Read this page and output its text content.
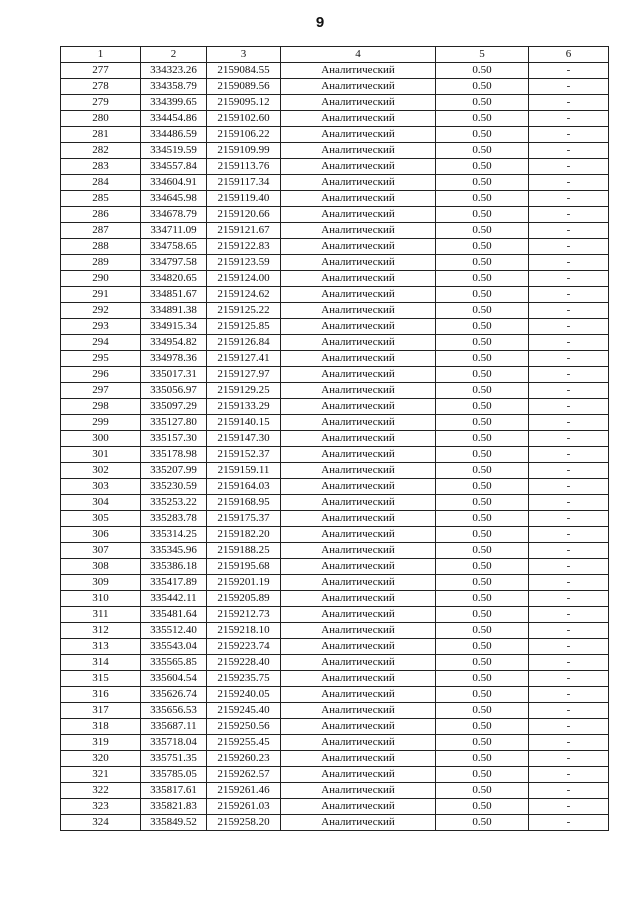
9
1	2	3	4	5	6
277	334323.26	2159084.55	Аналитический	0.50	-
278	334358.79	2159089.56	Аналитический	0.50	-
279	334399.65	2159095.12	Аналитический	0.50	-
280	334454.86	2159102.60	Аналитический	0.50	-
281	334486.59	2159106.22	Аналитический	0.50	-
282	334519.59	2159109.99	Аналитический	0.50	-
283	334557.84	2159113.76	Аналитический	0.50	-
284	334604.91	2159117.34	Аналитический	0.50	-
285	334645.98	2159119.40	Аналитический	0.50	-
286	334678.79	2159120.66	Аналитический	0.50	-
287	334711.09	2159121.67	Аналитический	0.50	-
288	334758.65	2159122.83	Аналитический	0.50	-
289	334797.58	2159123.59	Аналитический	0.50	-
290	334820.65	2159124.00	Аналитический	0.50	-
291	334851.67	2159124.62	Аналитический	0.50	-
292	334891.38	2159125.22	Аналитический	0.50	-
293	334915.34	2159125.85	Аналитический	0.50	-
294	334954.82	2159126.84	Аналитический	0.50	-
295	334978.36	2159127.41	Аналитический	0.50	-
296	335017.31	2159127.97	Аналитический	0.50	-
297	335056.97	2159129.25	Аналитический	0.50	-
298	335097.29	2159133.29	Аналитический	0.50	-
299	335127.80	2159140.15	Аналитический	0.50	-
300	335157.30	2159147.30	Аналитический	0.50	-
301	335178.98	2159152.37	Аналитический	0.50	-
302	335207.99	2159159.11	Аналитический	0.50	-
303	335230.59	2159164.03	Аналитический	0.50	-
304	335253.22	2159168.95	Аналитический	0.50	-
305	335283.78	2159175.37	Аналитический	0.50	-
306	335314.25	2159182.20	Аналитический	0.50	-
307	335345.96	2159188.25	Аналитический	0.50	-
308	335386.18	2159195.68	Аналитический	0.50	-
309	335417.89	2159201.19	Аналитический	0.50	-
310	335442.11	2159205.89	Аналитический	0.50	-
311	335481.64	2159212.73	Аналитический	0.50	-
312	335512.40	2159218.10	Аналитический	0.50	-
313	335543.04	2159223.74	Аналитический	0.50	-
314	335565.85	2159228.40	Аналитический	0.50	-
315	335604.54	2159235.75	Аналитический	0.50	-
316	335626.74	2159240.05	Аналитический	0.50	-
317	335656.53	2159245.40	Аналитический	0.50	-
318	335687.11	2159250.56	Аналитический	0.50	-
319	335718.04	2159255.45	Аналитический	0.50	-
320	335751.35	2159260.23	Аналитический	0.50	-
321	335785.05	2159262.57	Аналитический	0.50	-
322	335817.61	2159261.46	Аналитический	0.50	-
323	335821.83	2159261.03	Аналитический	0.50	-
324	335849.52	2159258.20	Аналитический	0.50	-
